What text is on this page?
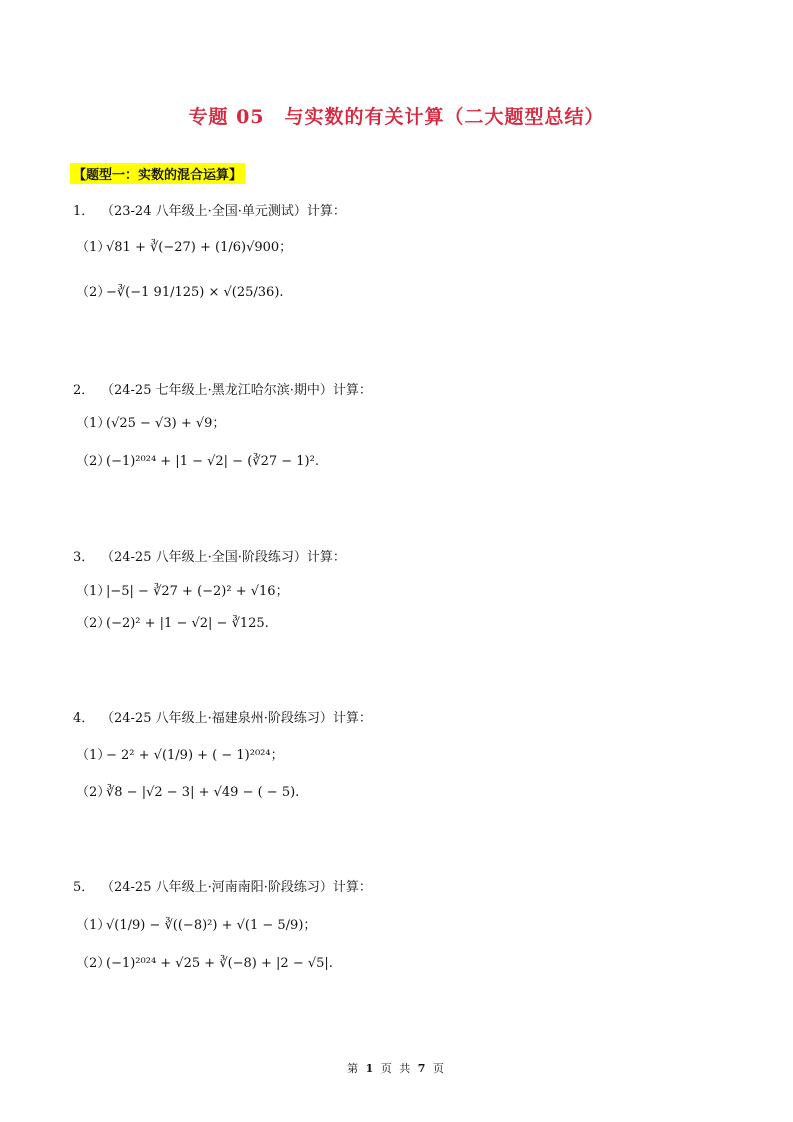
专题 05 与实数的有关计算（二大题型总结）
【题型一：实数的混合运算】
1． （23-24 八年级上·全国·单元测试）计算：
（1）√81 + ∛(−27) + (1/6)√900；
（2）−∛(−1 91/125) × √(25/36).
2． （24-25 七年级上·黑龙江哈尔滨·期中）计算：
（1）(√25 − √3) + √9；
（2）(−1)²⁰²⁴ + |1 − √2| − (∛27 − 1)².
3． （24-25 八年级上·全国·阶段练习）计算：
（1）|−5| − ∛27 + (−2)² + √16；
（2）(−2)² + |1 − √2| − ∛125.
4． （24-25 八年级上·福建泉州·阶段练习）计算：
（1）− 2² + √(1/9) + ( − 1)²⁰²⁴；
（2）∛8 − |√2 − 3| + √49 − ( − 5).
5． （24-25 八年级上·河南南阳·阶段练习）计算：
（1）√(1/9) − ∛((−8)²) + √(1 − 5/9)；
（2）(−1)²⁰²⁴ + √25 + ∛(−8) + |2 − √5|.
第 1 页 共 7 页
